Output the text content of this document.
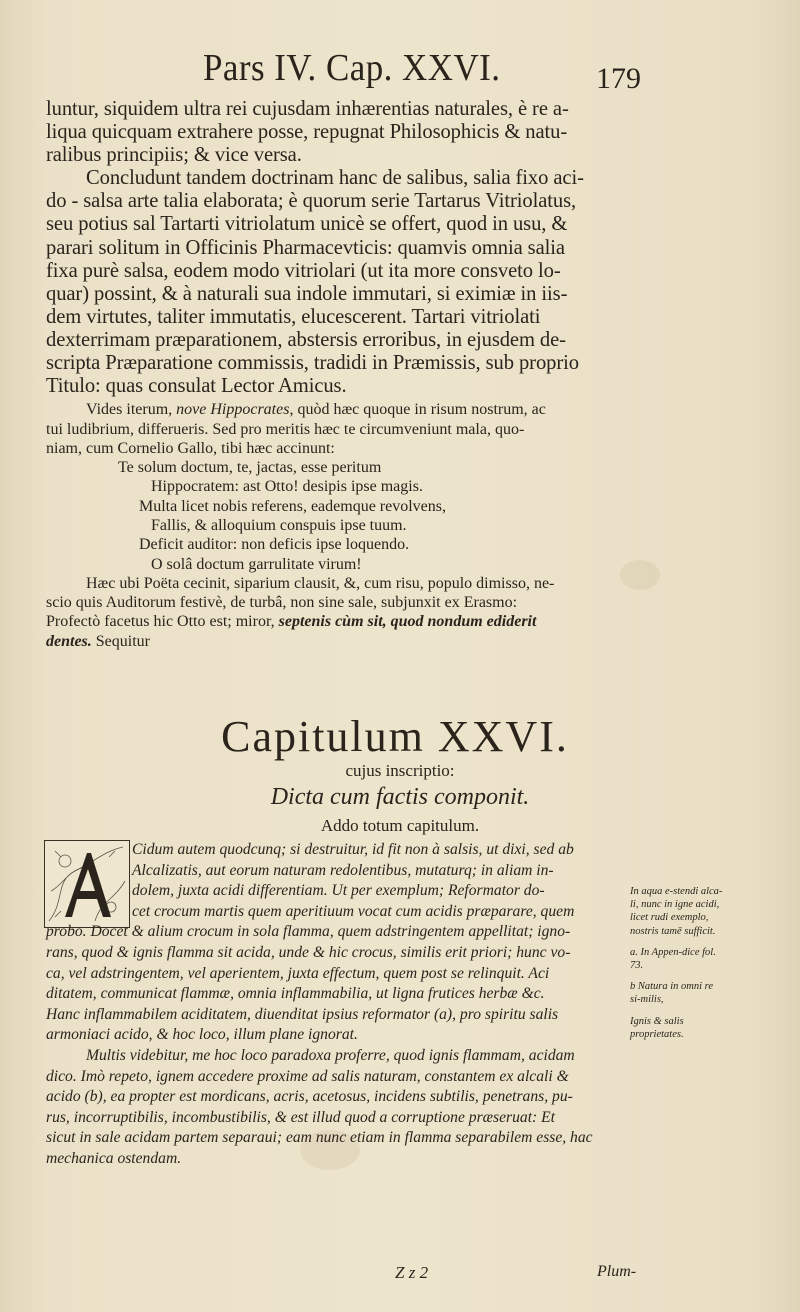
Pars IV. Cap. XXVI.	179
luntur, siquidem ultra rei cujusdam inhærentias naturales, è re a-
liqua quicquam extrahere posse, repugnat Philosophicis & natu-
ralibus principiis; & vice versa.
Concludunt tandem doctrinam hanc de salibus, salia fixo aci-
do - salsa arte talia elaborata; è quorum serie Tartarus Vitriolatus,
seu potius sal Tartarti vitriolatum unicè se offert, quod in usu, &
parari solitum in Officinis Pharmacevticis: quamvis omnia salia
fixa purè salsa, eodem modo vitriolari (ut ita more consveto lo-
quar) possint, & à naturali sua indole immutari, si eximiæ in iis-
dem virtutes, taliter immutatis, elucescerent. Tartari vitriolati
dexterrimam præparationem, abstersis erroribus, in ejusdem de-
scripta Præparatione commissis, tradidi in Præmissis, sub proprio
Titulo: quas consulat Lector Amicus.
Vides iterum, nove Hippocrates, quòd hæc quoque in risum nostrum, ac
tui ludibrium, differueris. Sed pro meritis hæc te circumveniunt mala, quo-
niam, cum Cornelio Gallo, tibi hæc accinunt:
Te solum doctum, te, jactas, esse peritum
Hippocratem: ast Otto! desipis ipse magis.
Multa licet nobis referens, eademque revolvens,
Fallis, & alloquium conspuis ipse tuum.
Deficit auditor: non deficis ipse loquendo.
O solâ doctum garrulitate virum!
Hæc ubi Poëta cecinit, siparium clausit, &, cum risu, populo dimisso, ne-
scio quis Auditorum festivè, de turbâ, non sine sale, subjunxit ex Erasmo:
Profectò facetus hic Otto est; miror, septenis cùm sit, quod nondum ediderit
dentes. Sequitur
Capitulum XXVI.
cujus inscriptio:
Dicta cum factis componit.
Addo totum capitulum.
Cidum autem quodcunq; si destruitur, id fit non à salsis, ut dixi, sed ab
Alcalizatis, aut eorum naturam redolentibus, mutaturq; in aliam in-
dolem, juxta acidi differentiam. Ut per exemplum; Reformator do-
cet crocum martis quem aperitiuum vocat cum acidis præparare, quem
probo. Docet & alium crocum in sola flamma, quem adstringentem appellitat; igno-
rans, quod & ignis flamma sit acida, unde & hic crocus, similis erit priori; hunc vo-
ca, vel adstringentem, vel aperientem, juxta effectum, quem post se relinquit. Aci
ditatem, communicat flammæ, omnia inflammabilia, ut ligna frutices herbæ &c.
Hanc inflammabilem aciditatem, diuenditat ipsius reformator (a), pro spiritu salis
armoniaci acido, & hoc loco, illum plane ignorat.
Multis videbitur, me hoc loco paradoxa proferre, quod ignis flammam, acidam
dico. Imò repeto, ignem accedere proxime ad salis naturam, constantem ex alcali &
acido (b), ea propter est mordicans, acris, acetosus, incidens subtilis, penetrans, pu-
rus, incorruptibilis, incombustibilis, & est illud quod a corruptione præseruat: Et
sicut in sale acidam partem separaui; eam nunc etiam in flamma separabilem esse, hac
mechanica ostendam.
In aqua e-stendi alca-li, nunc in igne acidi, licet rudi exemplo, nostris tamē sufficit.
a. In Appen-dice fol. 73.
b Natura in omni re si-milis,
Ignis & salis proprietates.
Z z 2	Plum-
